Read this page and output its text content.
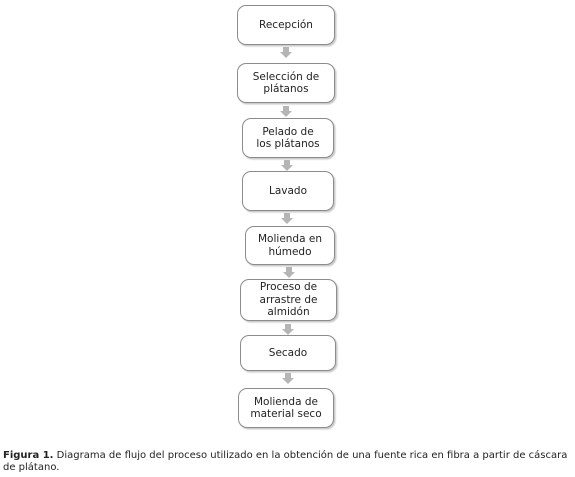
Recepción
Selección de
plátanos
Pelado de
los plátanos
Lavado
Molienda en
húmedo
Proceso de
arrastre de
almidón
Secado
Molienda de
material seco
Figura 1. Diagrama de flujo del proceso utilizado en la obtención de una fuente rica en fibra a partir de cáscara de plátano.
